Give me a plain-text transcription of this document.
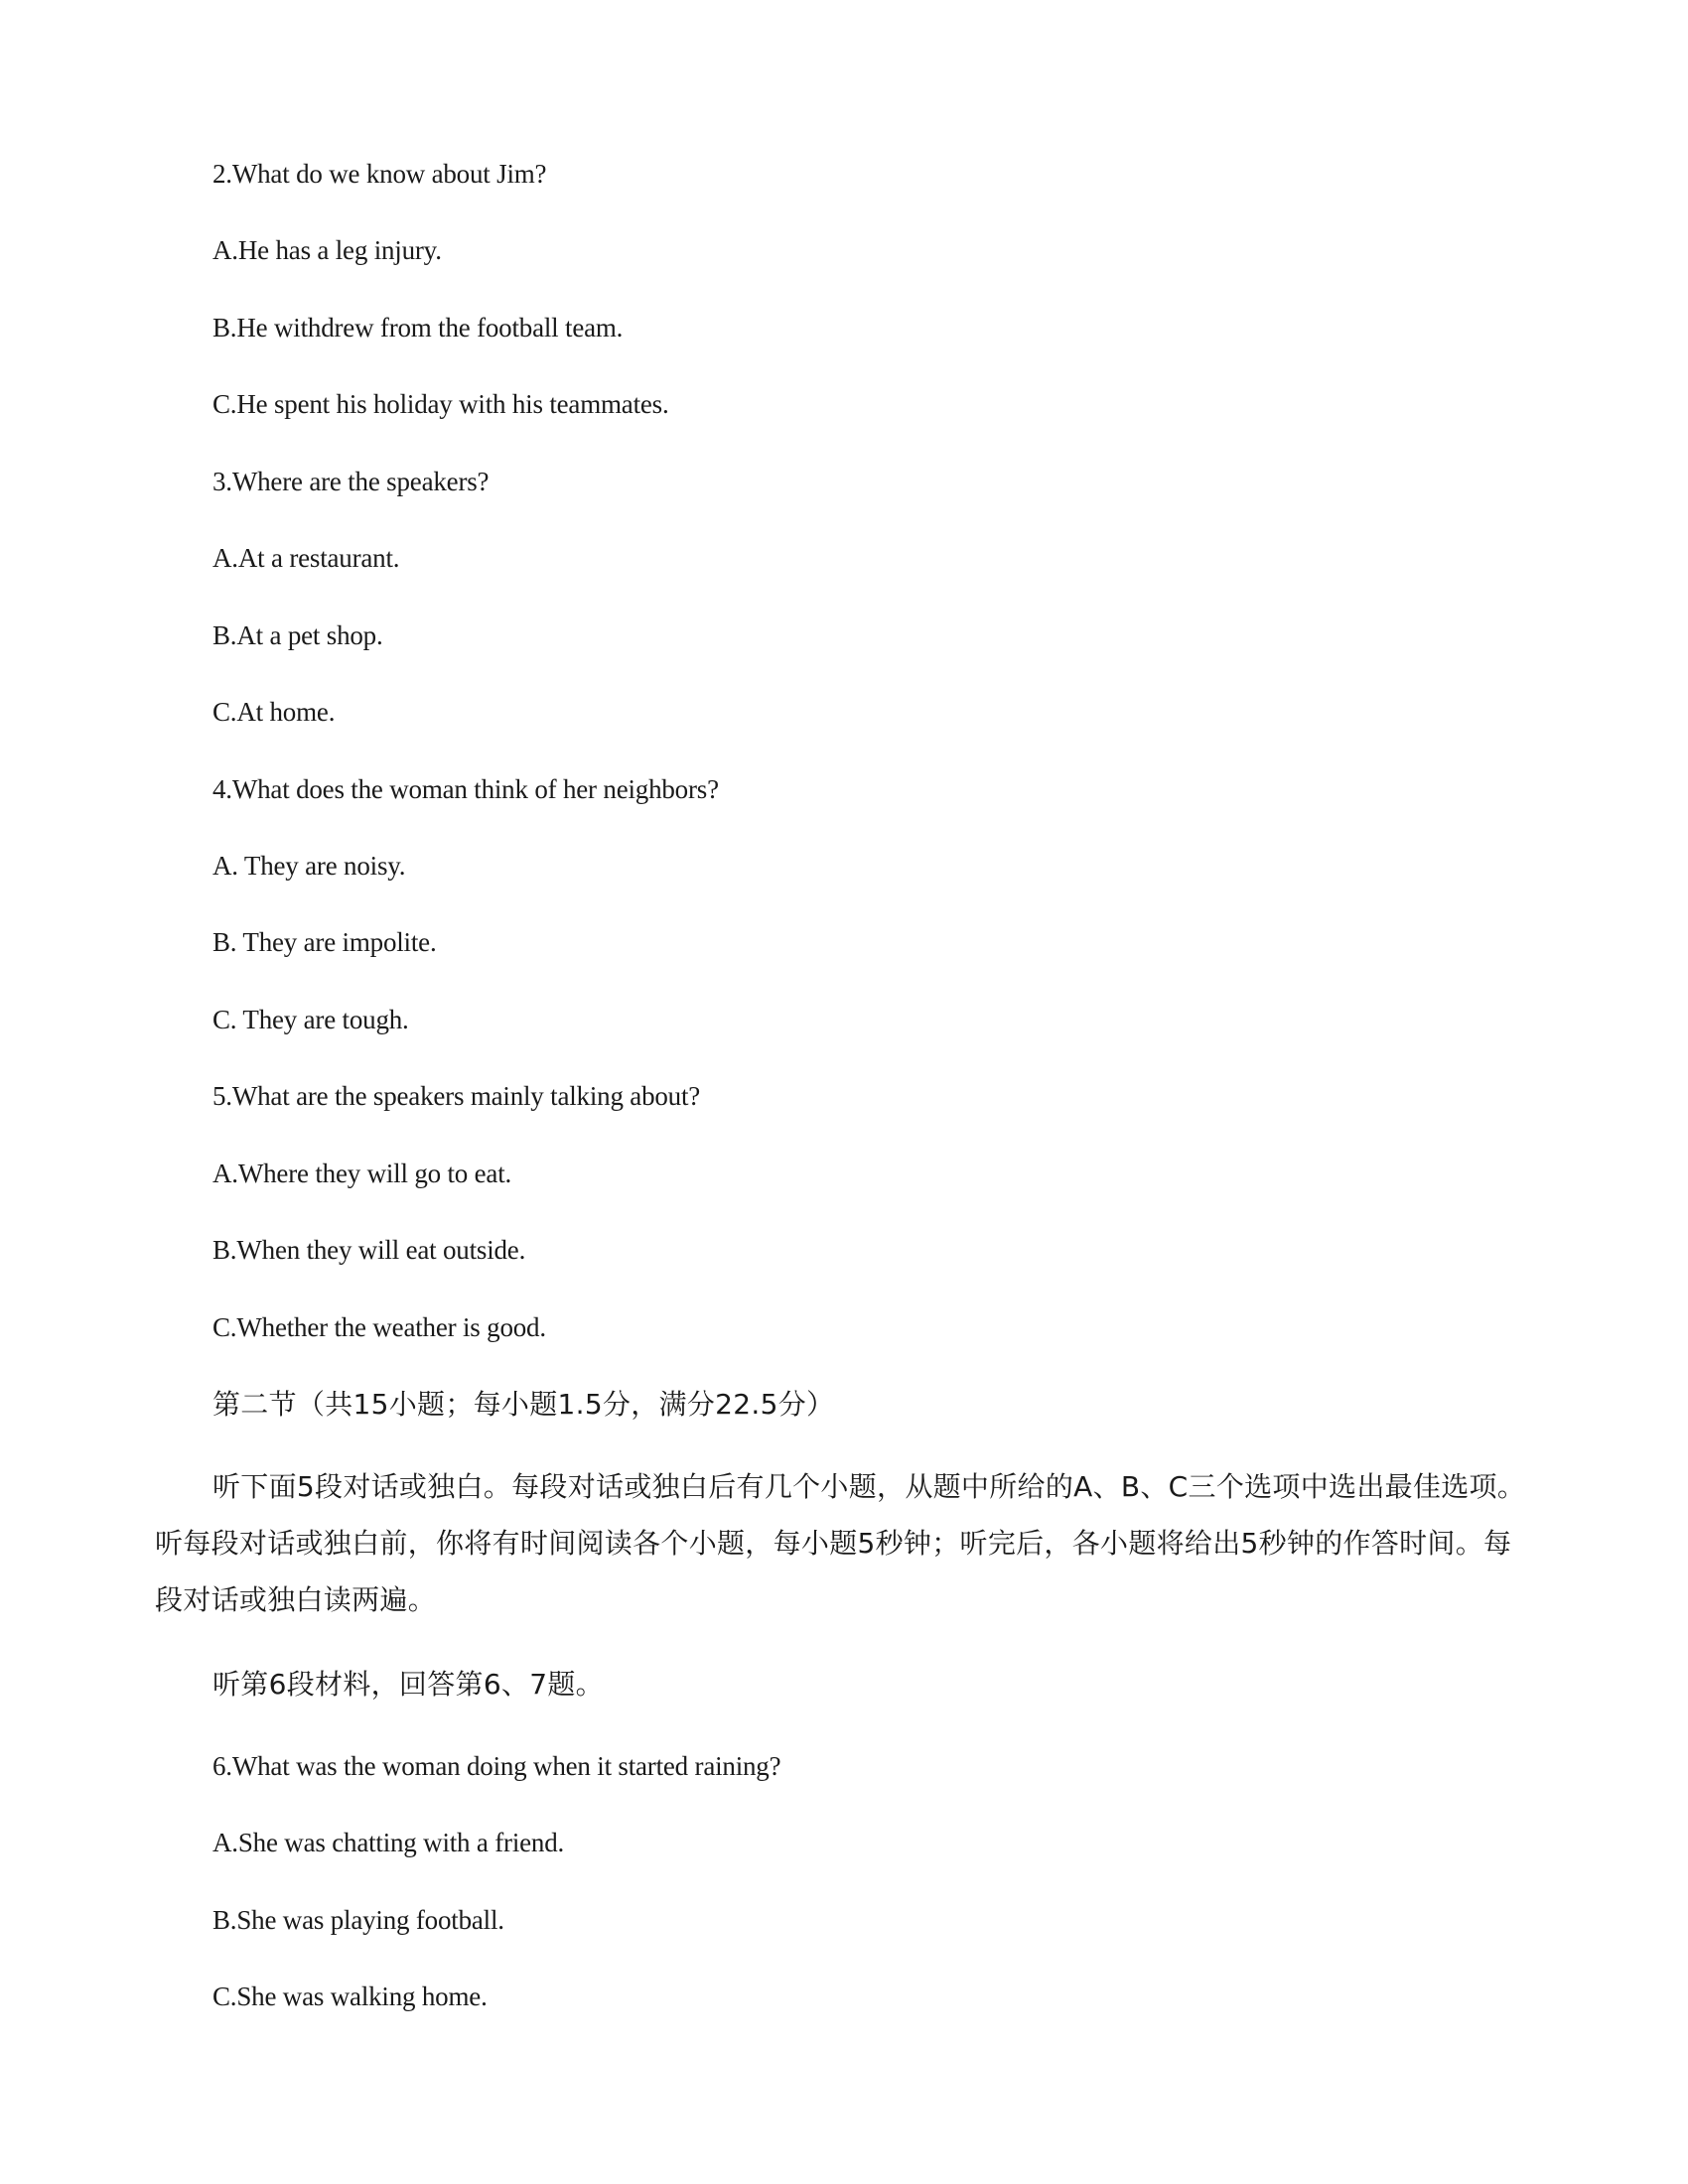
2.What do we know about Jim?
A.He has a leg injury.
B.He withdrew from the football team.
C.He spent his holiday with his teammates.
3.Where are the speakers?
A.At a restaurant.
B.At a pet shop.
C.At home.
4.What does the woman think of her neighbors?
A. They are noisy.
B. They are impolite.
C. They are tough.
5.What are the speakers mainly talking about?
A.Where they will go to eat.
B.When they will eat outside.
C.Whether the weather is good.
第二节（共15小题；每小题1.5分，满分22.5分）
听下面5段对话或独白。每段对话或独白后有几个小题，从题中所给的A、B、C三个选项中选出最佳选项。听每段对话或独白前，你将有时间阅读各个小题，每小题5秒钟；听完后，各小题将给出5秒钟的作答时间。每段对话或独白读两遍。
听第6段材料，回答第6、7题。
6.What was the woman doing when it started raining?
A.She was chatting with a friend.
B.She was playing football.
C.She was walking home.
